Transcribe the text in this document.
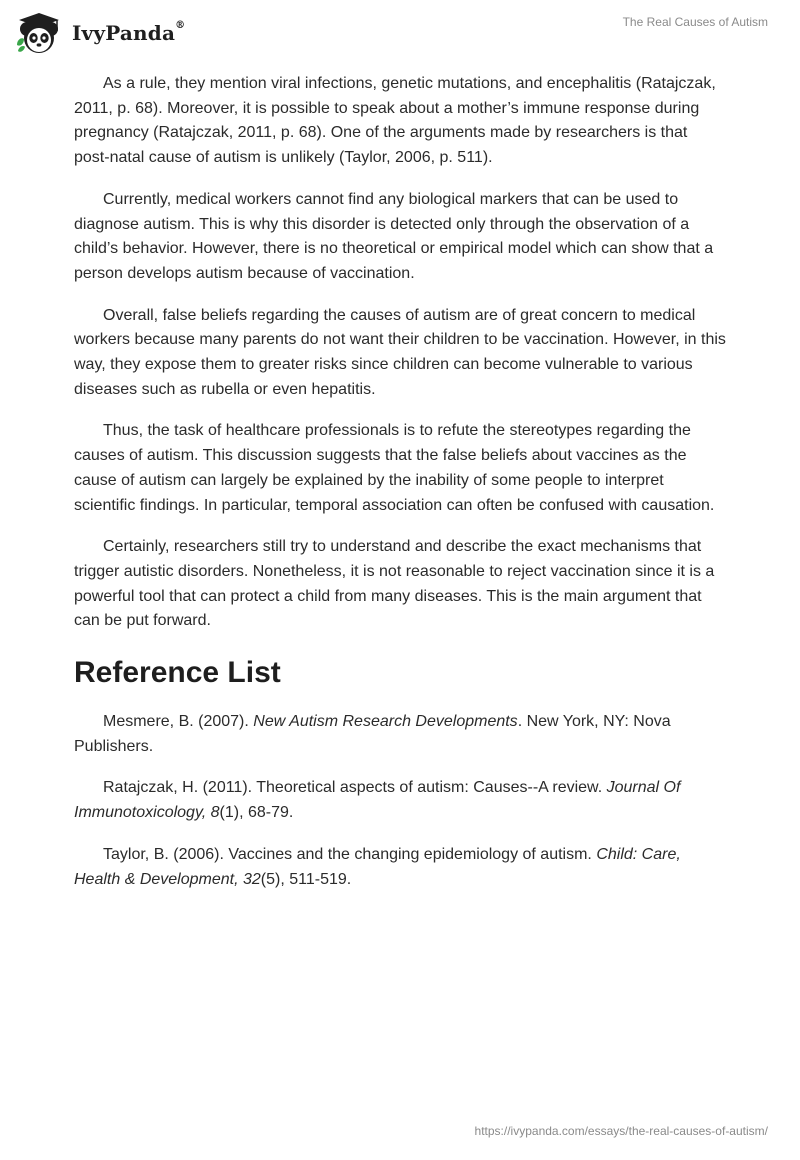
IvyPanda®	The Real Causes of Autism

As a rule, they mention viral infections, genetic mutations, and encephalitis (Ratajczak, 2011, p. 68). Moreover, it is possible to speak about a mother’s immune response during pregnancy (Ratajczak, 2011, p. 68). One of the arguments made by researchers is that post-natal cause of autism is unlikely (Taylor, 2006, p. 511).

Currently, medical workers cannot find any biological markers that can be used to diagnose autism. This is why this disorder is detected only through the observation of a child’s behavior. However, there is no theoretical or empirical model which can show that a person develops autism because of vaccination.

Overall, false beliefs regarding the causes of autism are of great concern to medical workers because many parents do not want their children to be vaccination. However, in this way, they expose them to greater risks since children can become vulnerable to various diseases such as rubella or even hepatitis.

Thus, the task of healthcare professionals is to refute the stereotypes regarding the causes of autism. This discussion suggests that the false beliefs about vaccines as the cause of autism can largely be explained by the inability of some people to interpret scientific findings. In particular, temporal association can often be confused with causation.

Certainly, researchers still try to understand and describe the exact mechanisms that trigger autistic disorders. Nonetheless, it is not reasonable to reject vaccination since it is a powerful tool that can protect a child from many diseases. This is the main argument that can be put forward.

Reference List

Mesmere, B. (2007). New Autism Research Developments. New York, NY: Nova Publishers.

Ratajczak, H. (2011). Theoretical aspects of autism: Causes--A review. Journal Of Immunotoxicology, 8(1), 68-79.

Taylor, B. (2006). Vaccines and the changing epidemiology of autism. Child: Care, Health & Development, 32(5), 511-519.

https://ivypanda.com/essays/the-real-causes-of-autism/
